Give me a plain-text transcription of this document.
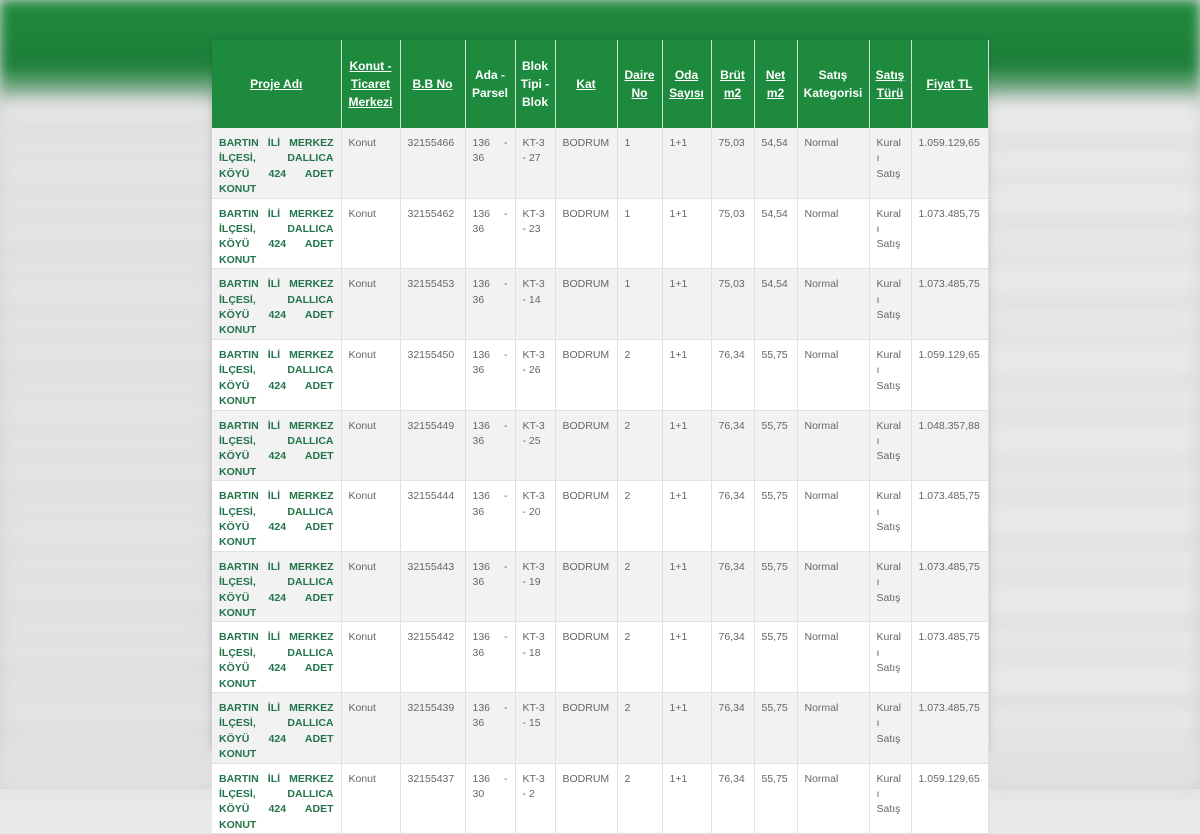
Proje Adı	Konut - Ticaret Merkezi	B.B No	Ada - Parsel	Blok Tipi - Blok	Kat	Daire No	Oda Sayısı	Brüt m2	Net m2	Satış Kategorisi	Satış Türü	Fiyat TL
BARTIN İLİ MERKEZ İLÇESİ, DALLICA KÖYÜ 424 ADET KONUT	Konut	32155466	136 - 36	KT-3 - 27	BODRUM	1	1+1	75,03	54,54	Normal	Kuralı Satış	1.059.129,65
BARTIN İLİ MERKEZ İLÇESİ, DALLICA KÖYÜ 424 ADET KONUT	Konut	32155462	136 - 36	KT-3 - 23	BODRUM	1	1+1	75,03	54,54	Normal	Kuralı Satış	1.073.485,75
BARTIN İLİ MERKEZ İLÇESİ, DALLICA KÖYÜ 424 ADET KONUT	Konut	32155453	136 - 36	KT-3 - 14	BODRUM	1	1+1	75,03	54,54	Normal	Kuralı Satış	1.073.485,75
BARTIN İLİ MERKEZ İLÇESİ, DALLICA KÖYÜ 424 ADET KONUT	Konut	32155450	136 - 36	KT-3 - 26	BODRUM	2	1+1	76,34	55,75	Normal	Kuralı Satış	1.059.129,65
BARTIN İLİ MERKEZ İLÇESİ, DALLICA KÖYÜ 424 ADET KONUT	Konut	32155449	136 - 36	KT-3 - 25	BODRUM	2	1+1	76,34	55,75	Normal	Kuralı Satış	1.048.357,88
BARTIN İLİ MERKEZ İLÇESİ, DALLICA KÖYÜ 424 ADET KONUT	Konut	32155444	136 - 36	KT-3 - 20	BODRUM	2	1+1	76,34	55,75	Normal	Kuralı Satış	1.073.485,75
BARTIN İLİ MERKEZ İLÇESİ, DALLICA KÖYÜ 424 ADET KONUT	Konut	32155443	136 - 36	KT-3 - 19	BODRUM	2	1+1	76,34	55,75	Normal	Kuralı Satış	1.073.485,75
BARTIN İLİ MERKEZ İLÇESİ, DALLICA KÖYÜ 424 ADET KONUT	Konut	32155442	136 - 36	KT-3 - 18	BODRUM	2	1+1	76,34	55,75	Normal	Kuralı Satış	1.073.485,75
BARTIN İLİ MERKEZ İLÇESİ, DALLICA KÖYÜ 424 ADET KONUT	Konut	32155439	136 - 36	KT-3 - 15	BODRUM	2	1+1	76,34	55,75	Normal	Kuralı Satış	1.073.485,75
BARTIN İLİ MERKEZ İLÇESİ, DALLICA KÖYÜ 424 ADET KONUT	Konut	32155437	136 - 30	KT-3 - 2	BODRUM	2	1+1	76,34	55,75	Normal	Kuralı Satış	1.059.129,65
